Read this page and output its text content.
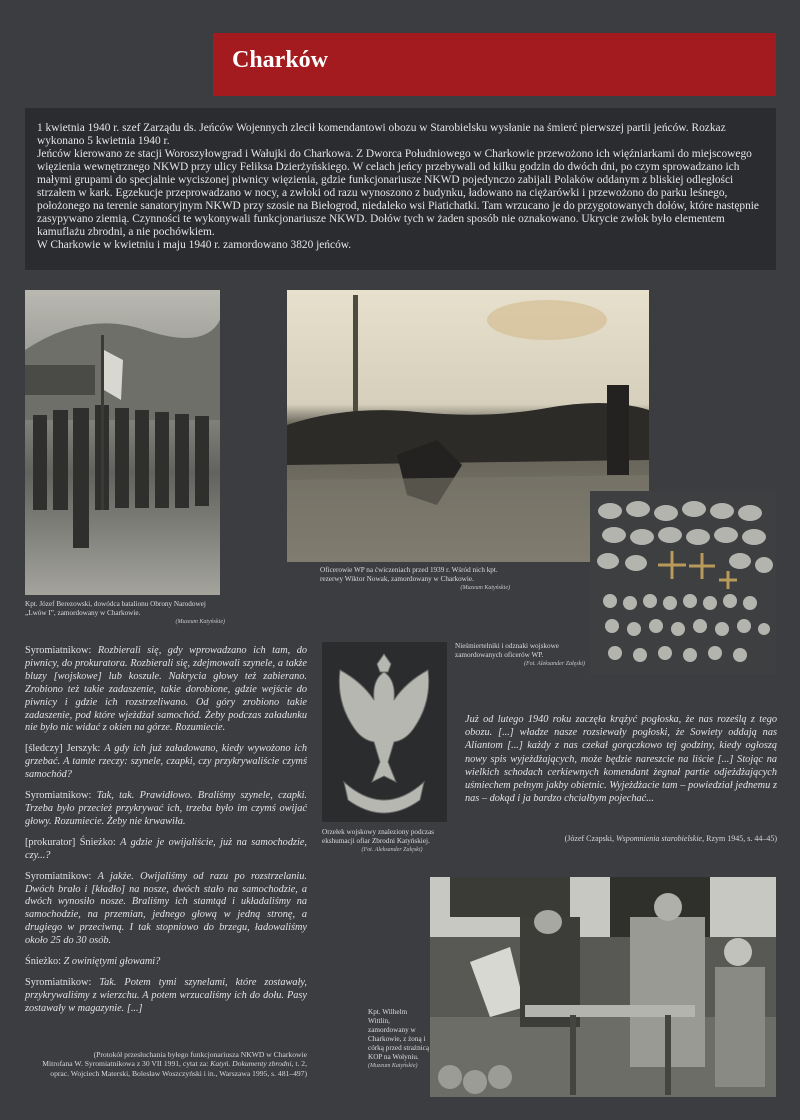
Charków

1 kwietnia 1940 r. szef Zarządu ds. Jeńców Wojennych zlecił komendantowi obozu w Starobielsku wysłanie na śmierć pierwszej partii jeńców. Rozkaz wykonano 5 kwietnia 1940 r.

Jeńców kierowano ze stacji Woroszyłowgrad i Wałujki do Charkowa. Z Dworca Południowego w Charkowie przewożono ich więźniarkami do miejscowego więzienia wewnętrznego NKWD przy ulicy Feliksa Dzierżyńskiego. W celach jeńcy przebywali od kilku godzin do dwóch dni, po czym sprowadzano ich małymi grupami do specjalnie wyciszonej piwnicy więzienia, gdzie funkcjonariusze NKWD pojedynczo zabijali Polaków oddanym z bliskiej odległości strzałem w kark. Egzekucje przeprowadzano w nocy, a zwłoki od razu wynoszono z budynku, ładowano na ciężarówki i przewożono do parku leśnego, położonego na terenie sanatoryjnym NKWD przy szosie na Biełogrod, niedaleko wsi Piatichatki. Tam wrzucano je do przygotowanych dołów, które następnie zasypywano ziemią. Czynności te wykonywali funkcjonariusze NKWD. Dołów tych w żaden sposób nie oznakowano. Ukrycie zwłok było elementem kamuflażu zbrodni, a nie pochówkiem.

W Charkowie w kwietniu i maju 1940 r. zamordowano 3820 jeńców.

Kpt. Józef Berezowski, dowódca batalionu Obrony Narodowej „Lwów I”, zamordowany w Charkowie.
(Muzeum Katyńskie)
Oficerowie WP na ćwiczeniach przed 1939 r. Wśród nich kpt. rezerwy Wiktor Nowak, zamordowany w Charkowie.
(Muzeum Katyńskie)
Nieśmiertelniki i odznaki wojskowe zamordowanych oficerów WP.
(Fot. Aleksander Załęski)
Orzełek wojskowy znaleziony podczas ekshumacji ofiar Zbrodni Katyńskiej.
(Fot. Aleksander Załęski)
Kpt. Wilhelm Wittlin, zamordowany w Charkowie, z żoną i córką przed strażnicą KOP na Wołyniu.
(Muzeum Katyńskie)

Syromiatnikow: Rozbierali się, gdy wprowadzano ich tam, do piwnicy, do prokuratora. Rozbierali się, zdejmowali szynele, a także bluzy [wojskowe] lub koszule. Nakrycia głowy też zabierano. Zrobiono też takie zadaszenie, takie dorobione, gdzie wejście do piwnicy i gdzie ich rozstrzeliwano. Od góry zrobiono takie zadaszenie, pod które wjeżdżał samochód. Żeby podczas załadunku nie było nic widać z okien na górze. Rozumiecie.

[śledczy] Jerszyk: A gdy ich już załadowano, kiedy wywożono ich grzebać. A tamte rzeczy: szynele, czapki, czy przykrywaliście czymś samochód?

Syromiatnikow: Tak, tak. Prawidłowo. Braliśmy szynele, czapki. Trzeba było przecież przykrywać ich, trzeba było im czymś owijać głowy. Rozumiecie. Żeby nie krwawiła.

[prokurator] Śnieżko: A gdzie je owijaliście, już na samochodzie, czy...?

Syromiatnikow: A jakże. Owijaliśmy od razu po rozstrzelaniu. Dwóch brało i [kładło] na nosze, dwóch stało na samochodzie, a dwóch wynosiło nosze. Braliśmy ich stamtąd i układaliśmy na samochodzie, na przemian, jednego głową w jedną stronę, a drugiego w przeciwną. I tak stopniowo do brzegu, ładowaliśmy około 25 do 30 osób.

Śnieżko: Z owiniętymi głowami?

Syromiatnikow: Tak. Potem tymi szynelami, które zostawały, przykrywaliśmy z wierzchu. A potem wrzucaliśmy ich do dołu. Pasy zostawały w magazynie. [...]

(Protokół przesłuchania byłego funkcjonariusza NKWD w Charkowie
Mitrofana W. Syromiatnikowa z 30 VII 1991, cytat za: Katyń. Dokumenty zbrodni, t. 2, oprac. Wojciech Materski, Bolesław Woszczyński i in., Warszawa 1995, s. 481–497)
Już od lutego 1940 roku zaczęła krążyć pogłoska, że nas roześlą z tego obozu. [...] władze nasze rozsiewały pogłoski, że Sowiety oddają nas Aliantom [...] każdy z nas czekał gorączkowo tej godziny, kiedy ogłoszą nowy spis wyjeżdżających, może będzie nareszcie na liście [...] Stojąc na wielkich schodach cerkiewnych komendant żegnał partie odjeżdżających uśmiechem pełnym jakby obietnic. Wyjeżdżacie tam – powiedział jednemu z nas – dokąd i ja bardzo chciałbym pojechać...
(Józef Czapski, Wspomnienia starobielskie, Rzym 1945, s. 44–45)
